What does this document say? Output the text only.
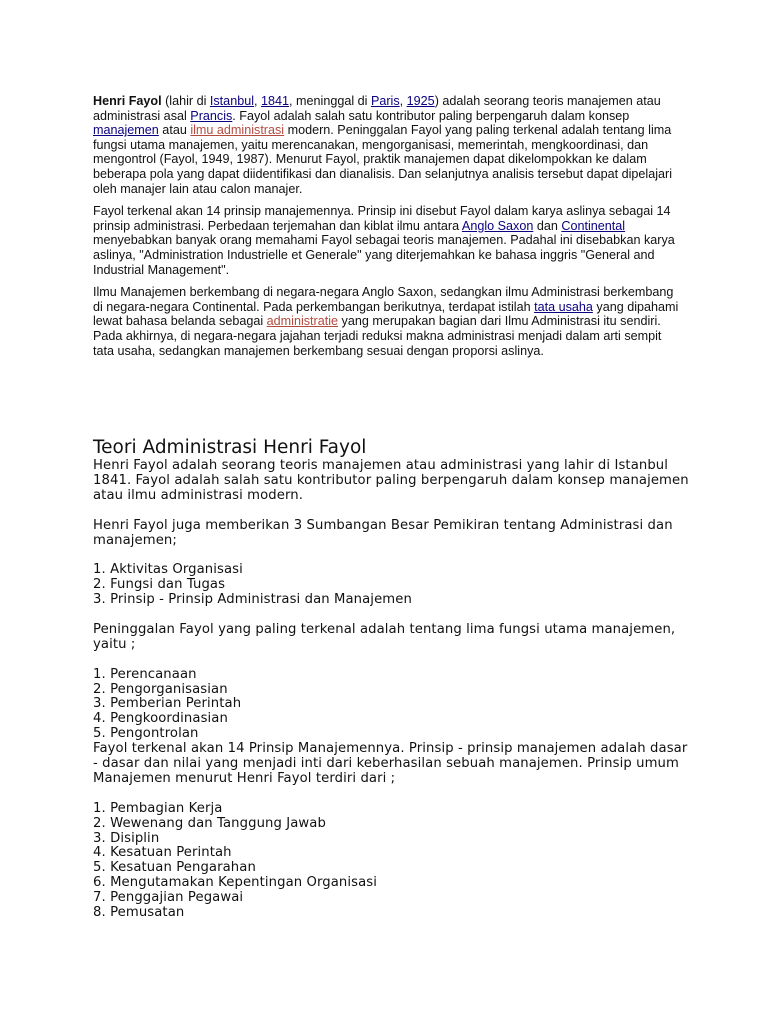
Henri Fayol (lahir di Istanbul, 1841, meninggal di Paris, 1925) adalah seorang teoris manajemen atau administrasi asal Prancis. Fayol adalah salah satu kontributor paling berpengaruh dalam konsep manajemen atau ilmu administrasi modern. Peninggalan Fayol yang paling terkenal adalah tentang lima fungsi utama manajemen, yaitu merencanakan, mengorganisasi, memerintah, mengkoordinasi, dan mengontrol (Fayol, 1949, 1987). Menurut Fayol, praktik manajemen dapat dikelompokkan ke dalam beberapa pola yang dapat diidentifikasi dan dianalisis. Dan selanjutnya analisis tersebut dapat dipelajari oleh manajer lain atau calon manajer.

Fayol terkenal akan 14 prinsip manajemennya. Prinsip ini disebut Fayol dalam karya aslinya sebagai 14 prinsip administrasi. Perbedaan terjemahan dan kiblat ilmu antara Anglo Saxon dan Continental menyebabkan banyak orang memahami Fayol sebagai teoris manajemen. Padahal ini disebabkan karya aslinya, "Administration Industrielle et Generale" yang diterjemahkan ke bahasa inggris "General and Industrial Management".

Ilmu Manajemen berkembang di negara-negara Anglo Saxon, sedangkan ilmu Administrasi berkembang di negara-negara Continental. Pada perkembangan berikutnya, terdapat istilah tata usaha yang dipahami lewat bahasa belanda sebagai administratie yang merupakan bagian dari Ilmu Administrasi itu sendiri. Pada akhirnya, di negara-negara jajahan terjadi reduksi makna administrasi menjadi dalam arti sempit tata usaha, sedangkan manajemen berkembang sesuai dengan proporsi aslinya.

Teori Administrasi Henri Fayol

Henri Fayol adalah seorang teoris manajemen atau administrasi yang lahir di Istanbul 1841. Fayol adalah salah satu kontributor paling berpengaruh dalam konsep manajemen atau ilmu administrasi modern.

Henri Fayol juga memberikan 3 Sumbangan Besar Pemikiran tentang Administrasi dan manajemen;

1. Aktivitas Organisasi

2. Fungsi dan Tugas

3. Prinsip - Prinsip Administrasi dan Manajemen

Peninggalan Fayol yang paling terkenal adalah tentang lima fungsi utama manajemen, yaitu ;

1. Perencanaan

2. Pengorganisasian

3. Pemberian Perintah

4. Pengkoordinasian

5. Pengontrolan

Fayol terkenal akan 14 Prinsip Manajemennya. Prinsip - prinsip manajemen adalah dasar - dasar dan nilai yang menjadi inti dari keberhasilan sebuah manajemen. Prinsip umum Manajemen menurut Henri Fayol terdiri dari ;

1. Pembagian Kerja

2. Wewenang dan Tanggung Jawab

3. Disiplin

4. Kesatuan Perintah

5. Kesatuan Pengarahan

6. Mengutamakan Kepentingan Organisasi

7. Penggajian Pegawai

8. Pemusatan
